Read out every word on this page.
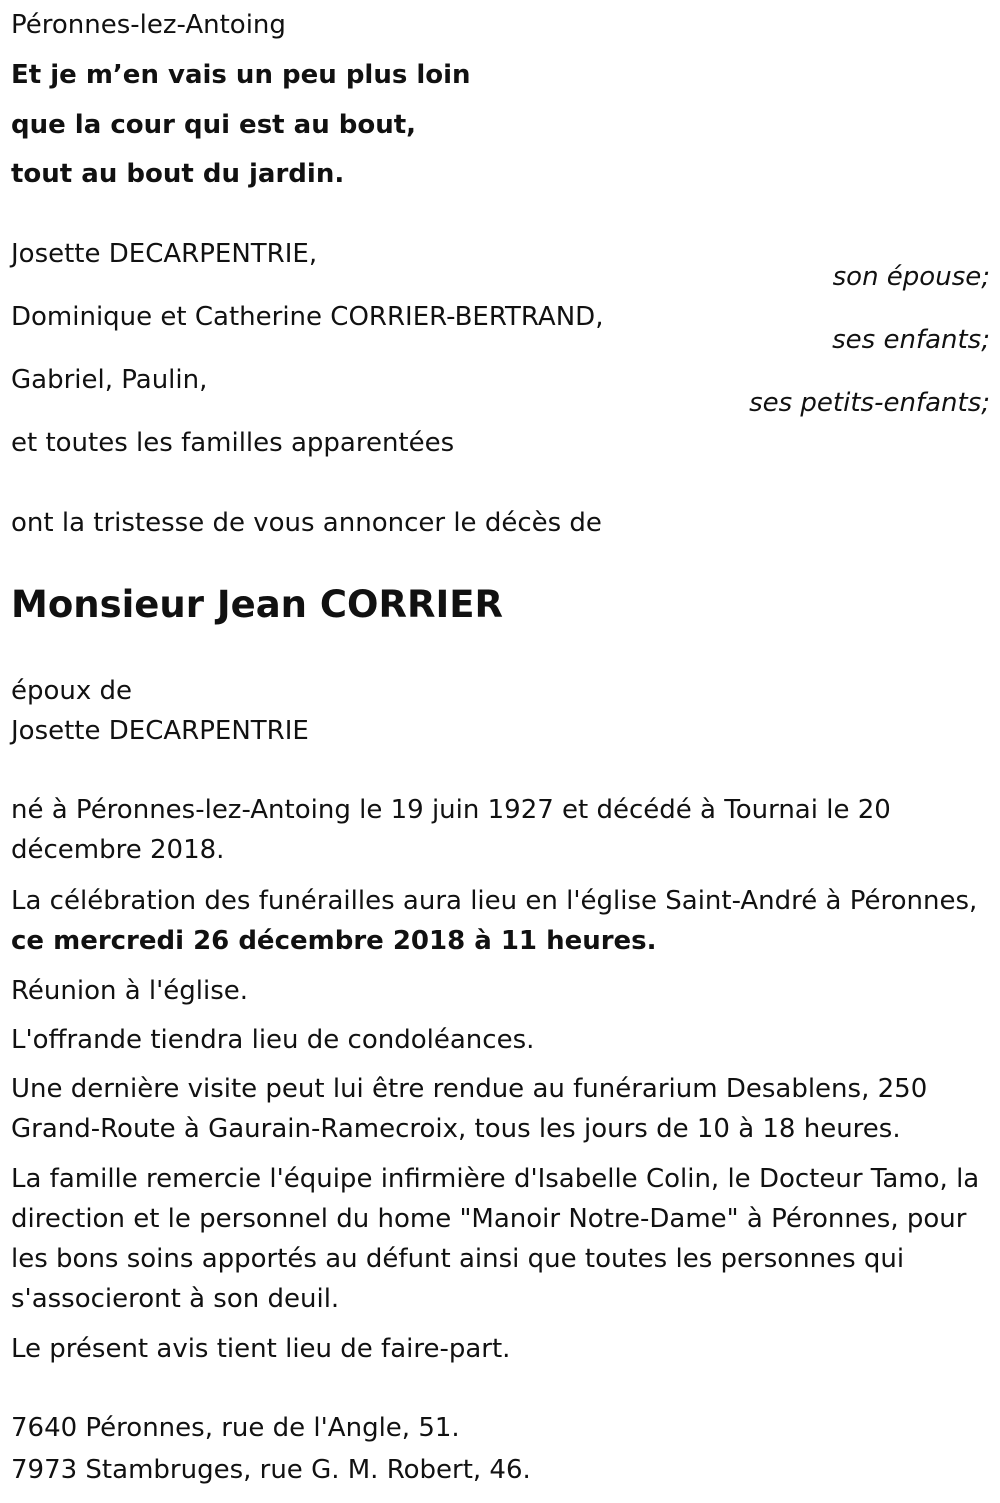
Péronnes-lez-Antoing
Et je m’en vais un peu plus loin
que la cour qui est au bout,
tout au bout du jardin.
Josette DECARPENTRIE,
son épouse;
Dominique et Catherine CORRIER-BERTRAND,
ses enfants;
Gabriel, Paulin,
ses petits-enfants;
et toutes les familles apparentées
ont la tristesse de vous annoncer le décès de
Monsieur Jean CORRIER
époux de
Josette DECARPENTRIE
né à Péronnes-lez-Antoing le 19 juin 1927 et décédé à Tournai le 20 décembre 2018.
La célébration des funérailles aura lieu en l'église Saint-André à Péronnes, ce mercredi 26 décembre 2018 à 11 heures.
Réunion à l'église.
L'offrande tiendra lieu de condoléances.
Une dernière visite peut lui être rendue au funérarium Desablens, 250 Grand-Route à Gaurain-Ramecroix, tous les jours de 10 à 18 heures.
La famille remercie l'équipe infirmière d'Isabelle Colin, le Docteur Tamo, la direction et le personnel du home "Manoir Notre-Dame" à Péronnes, pour les bons soins apportés au défunt ainsi que toutes les personnes qui s'associeront à son deuil.
Le présent avis tient lieu de faire-part.
7640 Péronnes, rue de l'Angle, 51.
7973 Stambruges, rue G. M. Robert, 46.
